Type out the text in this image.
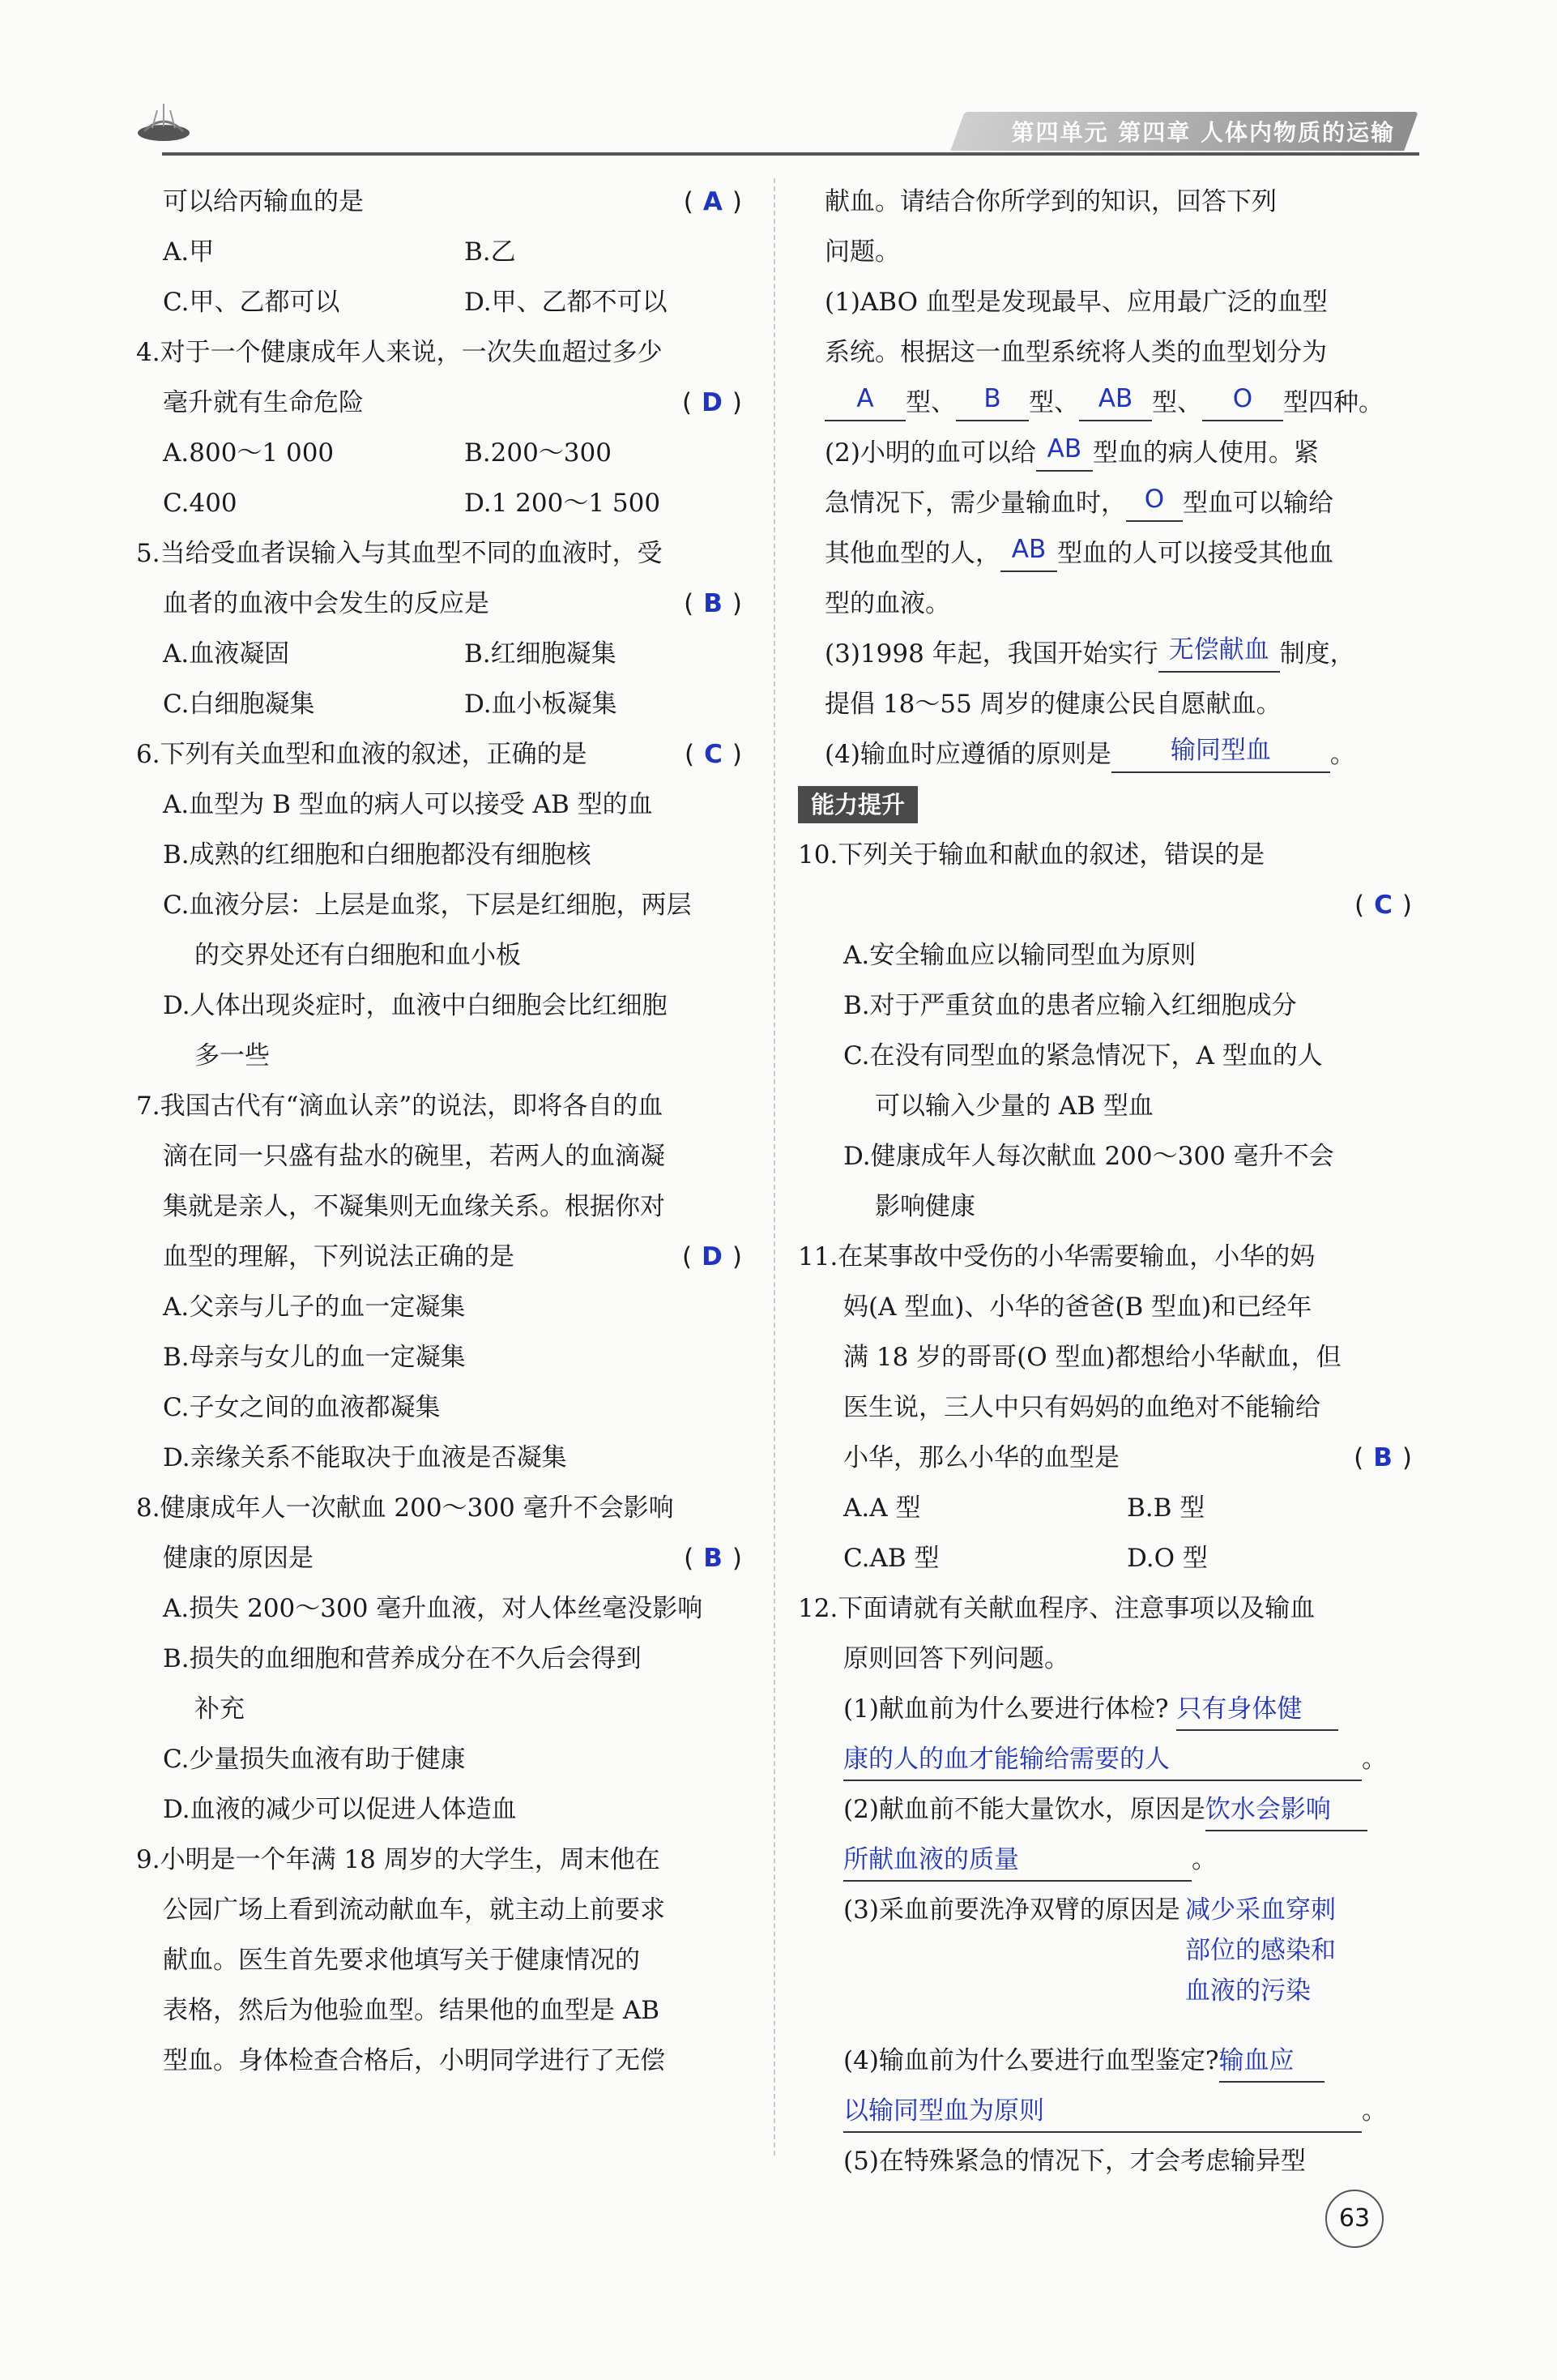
第四单元 第四章 人体内物质的运输
可以给丙输血的是	( A )
A.甲	B.乙
C.甲、乙都可以	D.甲、乙都不可以
4.对于一个健康成年人来说，一次失血超过多少
毫升就有生命危险	( D )
A.800～1 000	B.200～300
C.400	D.1 200～1 500
5.当给受血者误输入与其血型不同的血液时，受
血者的血液中会发生的反应是	( B )
A.血液凝固	B.红细胞凝集
C.白细胞凝集	D.血小板凝集
6.下列有关血型和血液的叙述，正确的是	( C )
A.血型为 B 型血的病人可以接受 AB 型的血
B.成熟的红细胞和白细胞都没有细胞核
C.血液分层：上层是血浆，下层是红细胞，两层
的交界处还有白细胞和血小板
D.人体出现炎症时，血液中白细胞会比红细胞
多一些
7.我国古代有“滴血认亲”的说法，即将各自的血
滴在同一只盛有盐水的碗里，若两人的血滴凝
集就是亲人，不凝集则无血缘关系。根据你对
血型的理解，下列说法正确的是	( D )
A.父亲与儿子的血一定凝集
B.母亲与女儿的血一定凝集
C.子女之间的血液都凝集
D.亲缘关系不能取决于血液是否凝集
8.健康成年人一次献血 200～300 毫升不会影响
健康的原因是	( B )
A.损失 200～300 毫升血液，对人体丝毫没影响
B.损失的血细胞和营养成分在不久后会得到
补充
C.少量损失血液有助于健康
D.血液的减少可以促进人体造血
9.小明是一个年满 18 周岁的大学生，周末他在
公园广场上看到流动献血车，就主动上前要求
献血。医生首先要求他填写关于健康情况的
表格，然后为他验血型。结果他的血型是 AB
型血。身体检查合格后，小明同学进行了无偿
献血。请结合你所学到的知识，回答下列
问题。
(1)ABO 血型是发现最早、应用最广泛的血型
系统。根据这一血型系统将人类的血型划分为
A 型、 B 型、 AB 型、 O 型四种。
(2)小明的血可以给 AB 型血的病人使用。紧
急情况下，需少量输血时， O 型血可以输给
其他血型的人， AB 型血的人可以接受其他血
型的血液。
(3)1998 年起，我国开始实行 无偿献血 制度，
提倡 18～55 周岁的健康公民自愿献血。
(4)输血时应遵循的原则是 输同型血 。
能力提升
10.下列关于输血和献血的叙述，错误的是
( C )
A.安全输血应以输同型血为原则
B.对于严重贫血的患者应输入红细胞成分
C.在没有同型血的紧急情况下，A 型血的人
可以输入少量的 AB 型血
D.健康成年人每次献血 200～300 毫升不会
影响健康
11.在某事故中受伤的小华需要输血，小华的妈
妈(A 型血)、小华的爸爸(B 型血)和已经年
满 18 岁的哥哥(O 型血)都想给小华献血，但
医生说，三人中只有妈妈的血绝对不能输给
小华，那么小华的血型是	( B )
A.A 型	B.B 型
C.AB 型	D.O 型
12.下面请就有关献血程序、注意事项以及输血
原则回答下列问题。
(1)献血前为什么要进行体检? 只有身体健
康的人的血才能输给需要的人	。
(2)献血前不能大量饮水，原因是饮水会影响
所献血液的质量	。
(3)采血前要洗净双臂的原因是 减少采血穿刺
部位的感染和
血液的污染
(4)输血前为什么要进行血型鉴定?输血应
以输同型血为原则	。
(5)在特殊紧急的情况下，才会考虑输异型
63
